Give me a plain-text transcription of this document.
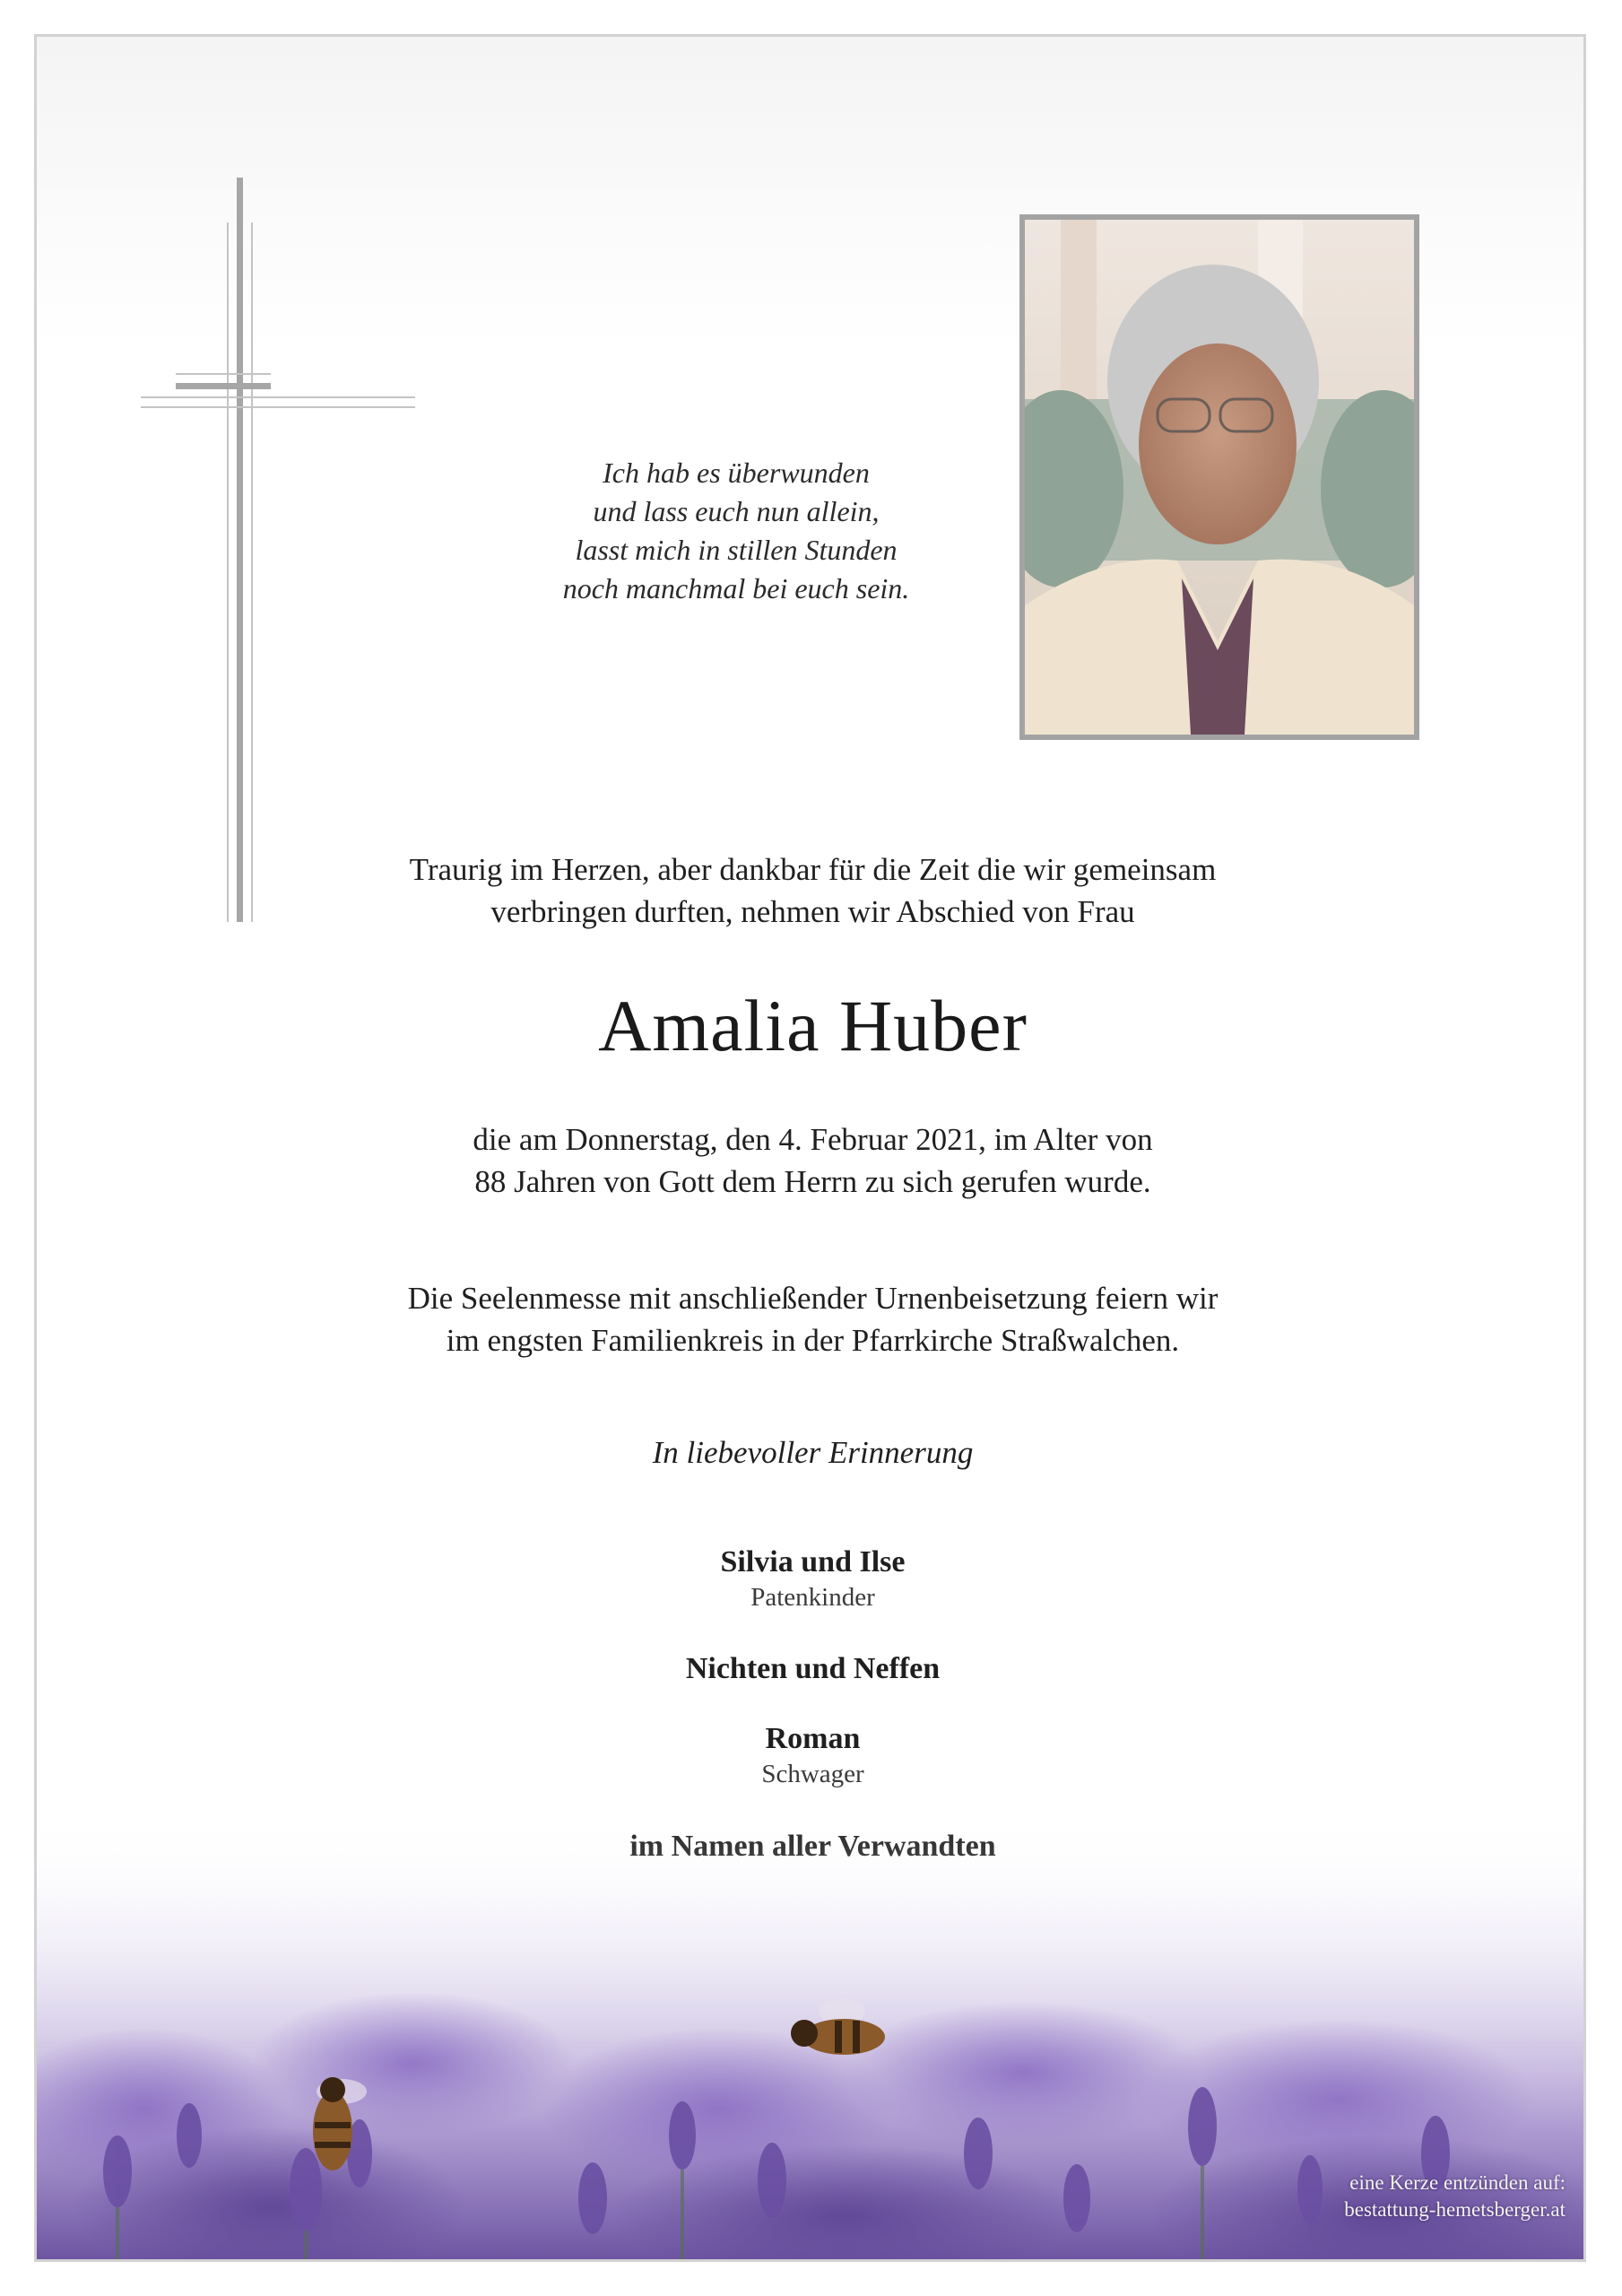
Ich hab es überwunden
und lass euch nun allein,
lasst mich in stillen Stunden
noch manchmal bei euch sein.
Traurig im Herzen, aber dankbar für die Zeit die wir gemeinsam
verbringen durften, nehmen wir Abschied von Frau
Amalia Huber
die am Donnerstag, den 4. Februar 2021, im Alter von
88 Jahren von Gott dem Herrn zu sich gerufen wurde.
Die Seelenmesse mit anschließender Urnenbeisetzung feiern wir
im engsten Familienkreis in der Pfarrkirche Straßwalchen.
In liebevoller Erinnerung
Silvia und Ilse
Patenkinder
Nichten und Neffen
Roman
Schwager
eine Kerze entzünden auf:
bestattung-hemetsberger.at
